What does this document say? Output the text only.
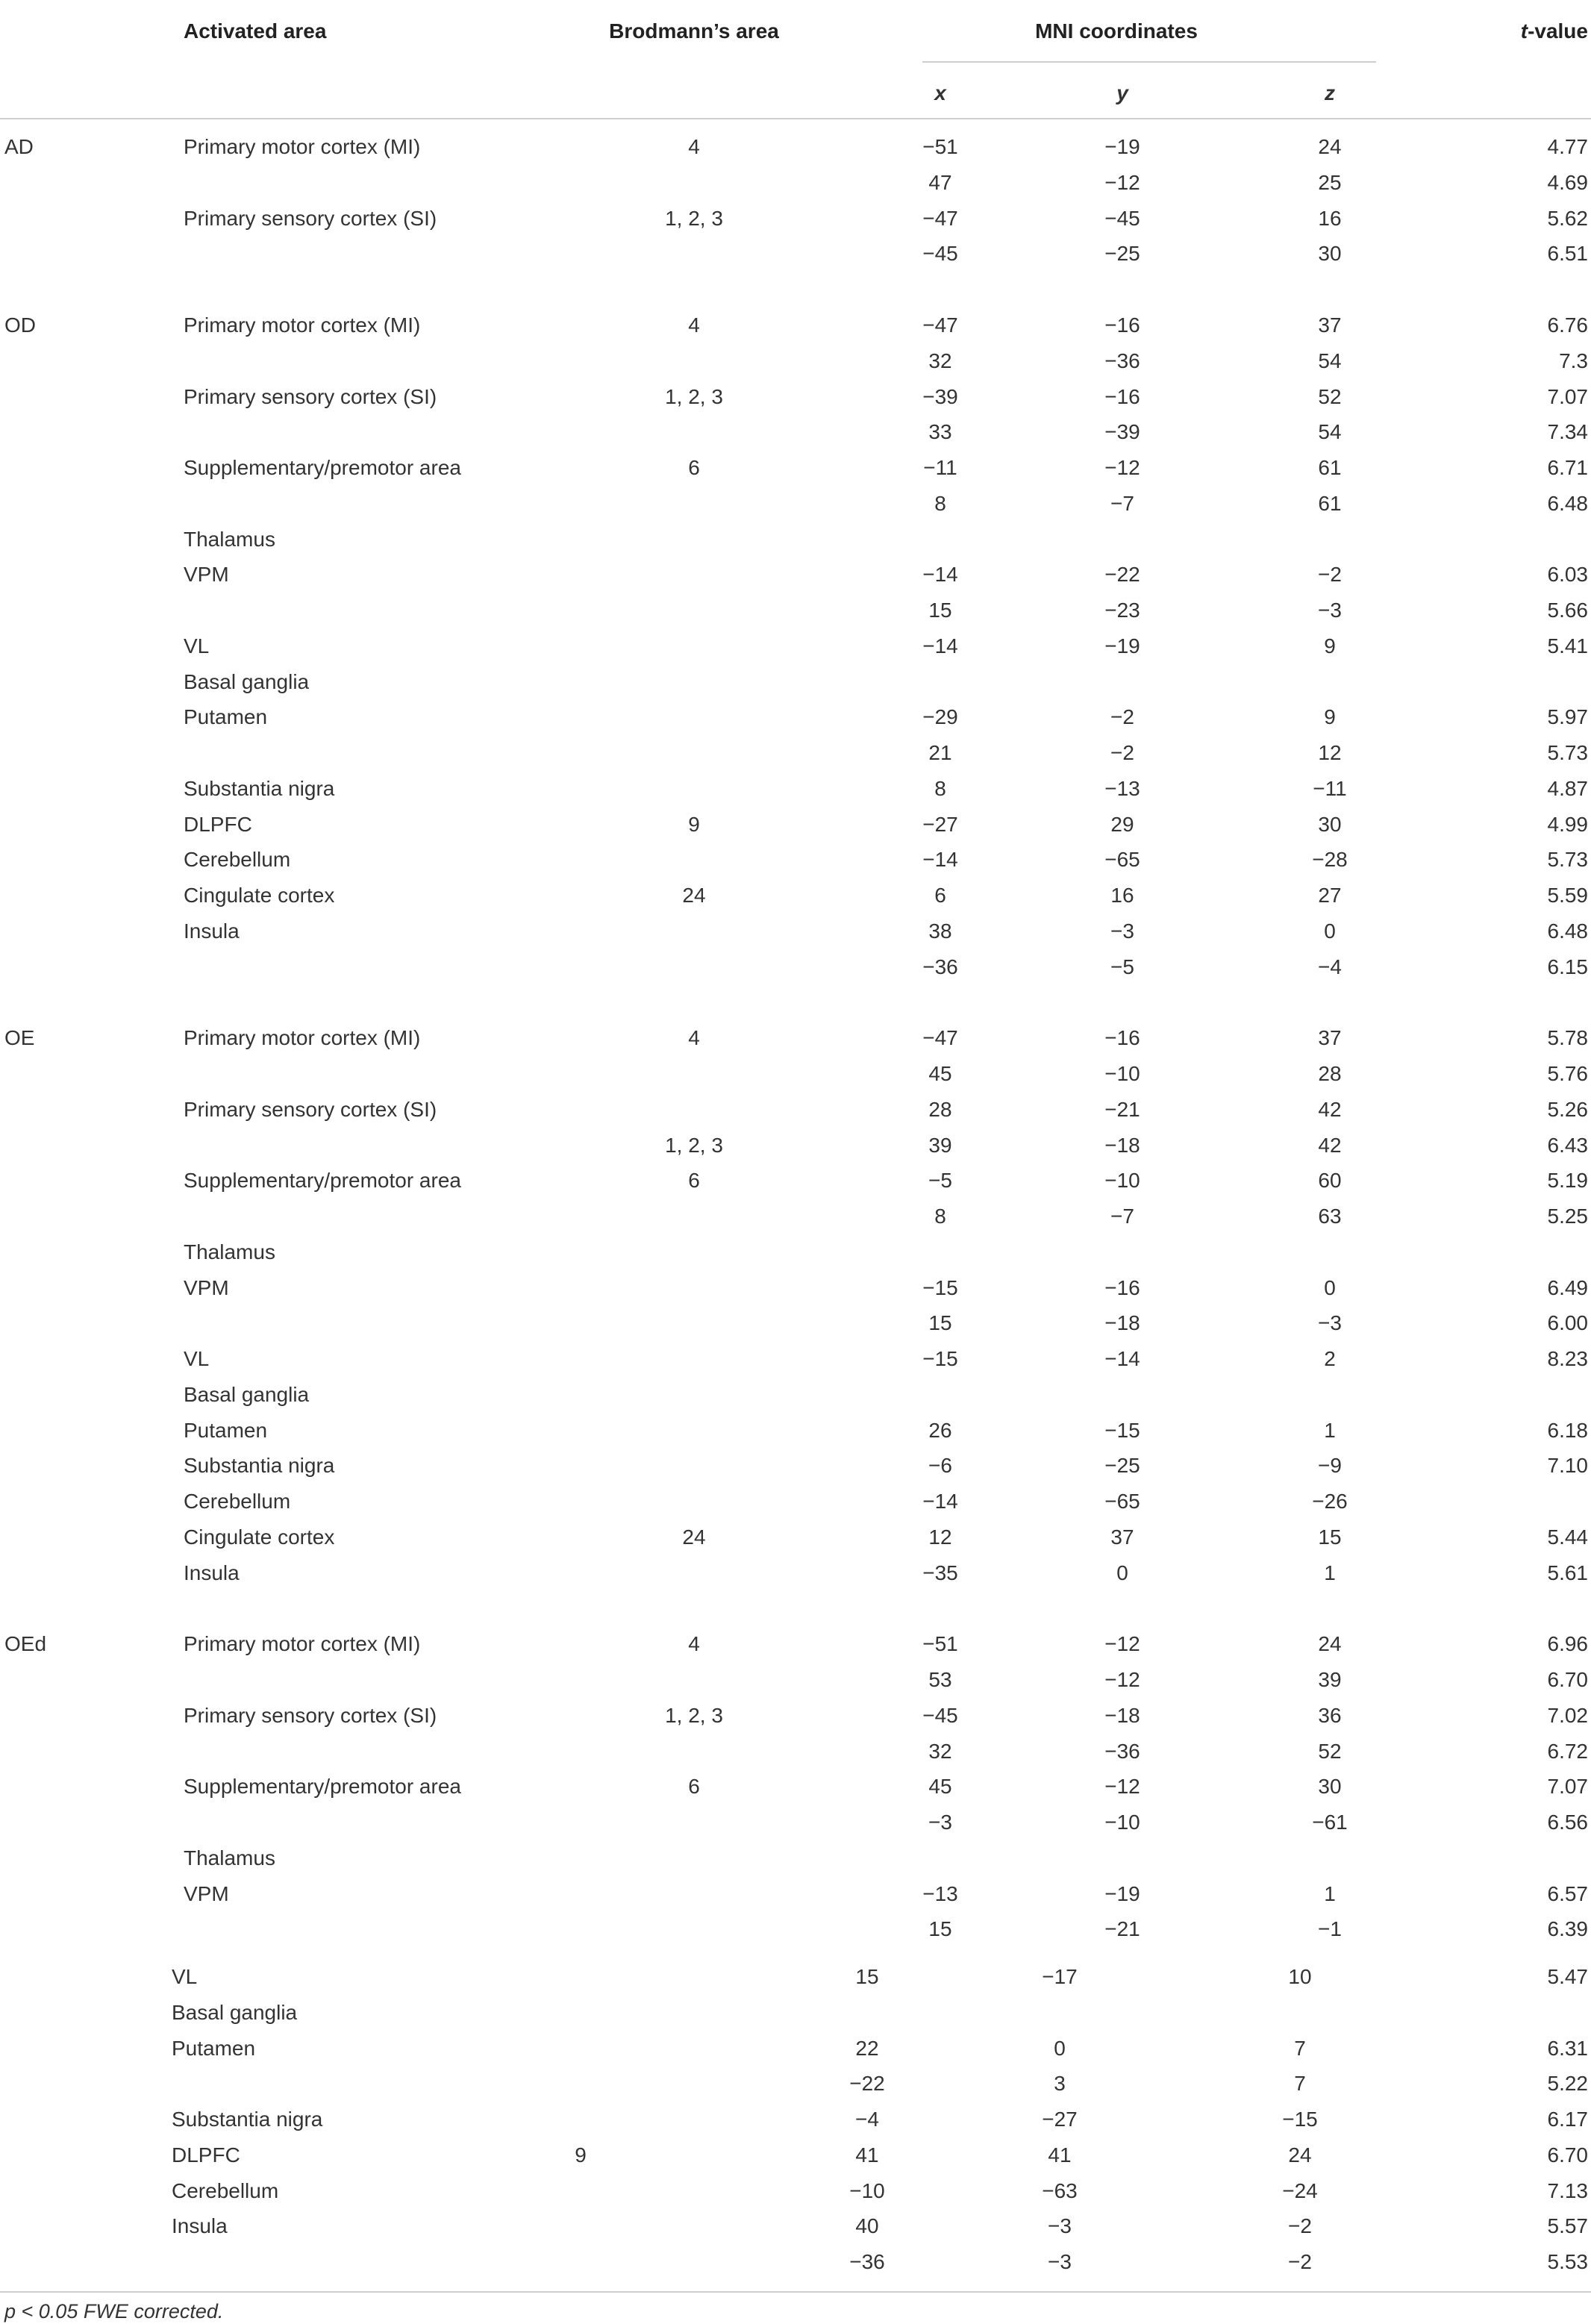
Activated area	Brodmann’s area	MNI coordinates	t-value
x	y	z
AD	Primary motor cortex (MI)	4	−51	−19	24	4.77
47	−12	25	4.69
Primary sensory cortex (SI)	1, 2, 3	−47	−45	16	5.62
−45	−25	30	6.51
OD	Primary motor cortex (MI)	4	−47	−16	37	6.76
32	−36	54	7.3
Primary sensory cortex (SI)	1, 2, 3	−39	−16	52	7.07
33	−39	54	7.34
Supplementary/premotor area	6	−11	−12	61	6.71
8	−7	61	6.48
Thalamus
VPM	−14	−22	−2	6.03
15	−23	−3	5.66
VL	−14	−19	9	5.41
Basal ganglia
Putamen	−29	−2	9	5.97
21	−2	12	5.73
Substantia nigra	8	−13	−11	4.87
DLPFC	9	−27	29	30	4.99
Cerebellum	−14	−65	−28	5.73
Cingulate cortex	24	6	16	27	5.59
Insula	38	−3	0	6.48
−36	−5	−4	6.15
OE	Primary motor cortex (MI)	4	−47	−16	37	5.78
45	−10	28	5.76
Primary sensory cortex (SI)	28	−21	42	5.26
1, 2, 3	39	−18	42	6.43
Supplementary/premotor area	6	−5	−10	60	5.19
8	−7	63	5.25
Thalamus
VPM	−15	−16	0	6.49
15	−18	−3	6.00
VL	−15	−14	2	8.23
Basal ganglia
Putamen	26	−15	1	6.18
Substantia nigra	−6	−25	−9	7.10
Cerebellum	−14	−65	−26
Cingulate cortex	24	12	37	15	5.44
Insula	−35	0	1	5.61
OEd	Primary motor cortex (MI)	4	−51	−12	24	6.96
53	−12	39	6.70
Primary sensory cortex (SI)	1, 2, 3	−45	−18	36	7.02
32	−36	52	6.72
Supplementary/premotor area	6	45	−12	30	7.07
−3	−10	−61	6.56
Thalamus
VPM	−13	−19	1	6.57
15	−21	−1	6.39
VL	15	−17	10	5.47
Basal ganglia
Putamen	22	0	7	6.31
−22	3	7	5.22
Substantia nigra	−4	−27	−15	6.17
DLPFC	9	41	41	24	6.70
Cerebellum	−10	−63	−24	7.13
Insula	40	−3	−2	5.57
−36	−3	−2	5.53
p < 0.05 FWE corrected.
